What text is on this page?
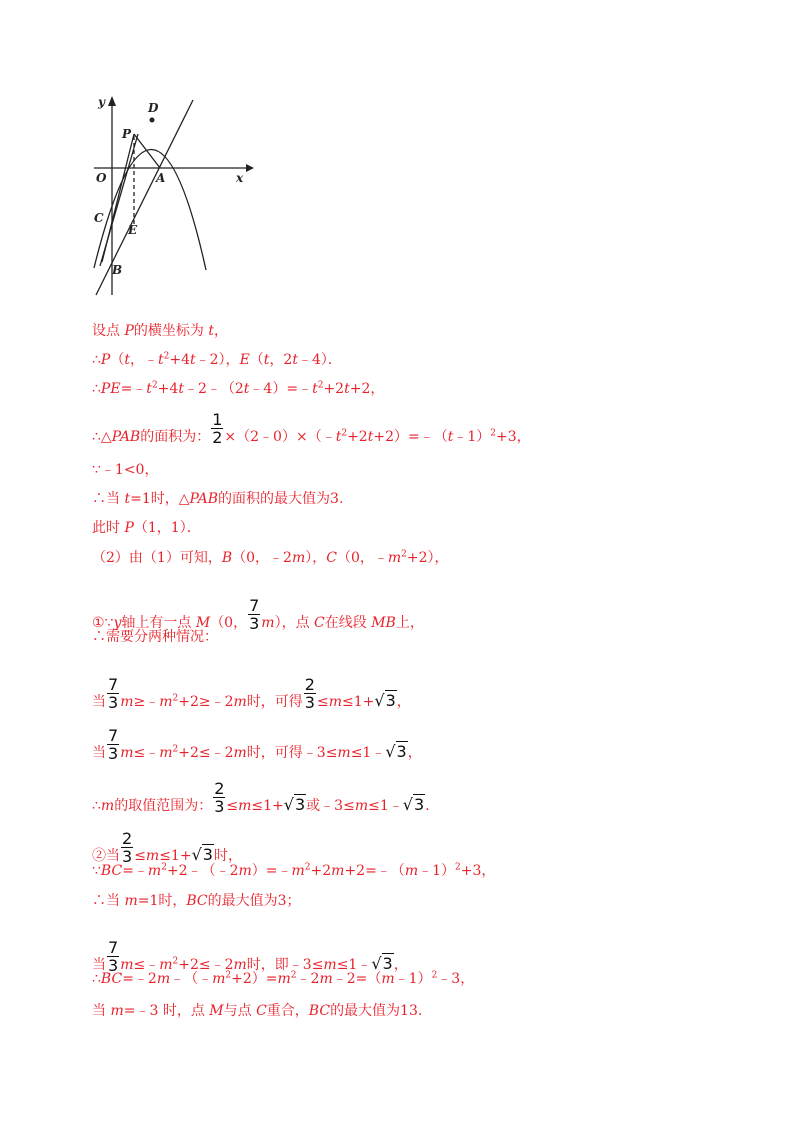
y
x
O
D
P
A
C
E
B
设点 P的横坐标为 t，
∴P（t，$﹣t^2+4t﹣2$），E（t，2t﹣4）．
$\therefore PE=﹣t^2+4t﹣2﹣(2t﹣4)=﹣t^2+2t+2$，
∴△PAB的面积为： $\frac{1}{2}$ $\times(2﹣0)\times(﹣t^2+2t+2)=﹣(t﹣1)^2+3$，
∵﹣1<0，
∴当 t=1时，△PAB的面积的最大值为3.
此时 P（1，1）．
（2）由（1）可知，B（0，﹣2m），C（0，$﹣m^2+2$），
①∵y轴上有一点 M（0， $\frac{7}{3} m$），点 C在线段 MB上，
∴需要分两种情况：
当 $\frac{7}{3}$ $m\ge﹣m^2+2\ge﹣2m$时，可得 $\frac{2}{3} \le m\le 1+√3$，
当 $\frac{7}{3}$ $m\le﹣m^2+2\le﹣2m$时，可得﹣3≤m≤1﹣√3，
∴m的取值范围为： $\frac{2}{3} \le m\le 1+√3$或﹣3≤m≤1﹣√3.
②当 $\frac{2}{3} \le m\le 1+√3$时，
$\because BC=﹣m^2+2﹣(﹣2m)=﹣m^2+2m+2=﹣(m﹣1)^2+3$，
∴当 m=1时，BC的最大值为3；
当 $\frac{7}{3}$ $m\le﹣m^2+2\le﹣2m$时，即﹣3≤m≤1﹣√3，
$\therefore BC=﹣2m﹣(﹣m^2+2)=m^2﹣2m﹣2=(m﹣1)^2﹣3$，
当 m=﹣3 时，点 M与点 C重合，BC的最大值为13.
